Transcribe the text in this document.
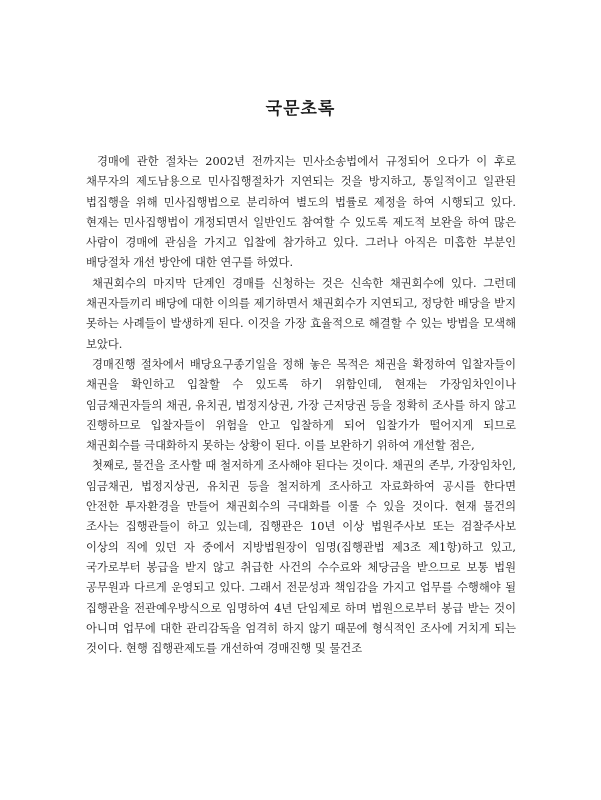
국문초록

경매에 관한 절차는 2002년 전까지는 민사소송법에서 규정되어 오다가 이 후로 채무자의 제도남용으로 민사집행절차가 지연되는 것을 방지하고, 통일적이고 일관된 법집행을 위해 민사집행법으로 분리하여 별도의 법률로 제정을 하여 시행되고 있다. 현재는 민사집행법이 개정되면서 일반인도 참여할 수 있도록 제도적 보완을 하여 많은 사람이 경매에 관심을 가지고 입찰에 참가하고 있다. 그러나 아직은 미흡한 부분인 배당절차 개선 방안에 대한 연구를 하였다.

채권회수의 마지막 단계인 경매를 신청하는 것은 신속한 채권회수에 있다. 그런데 채권자들끼리 배당에 대한 이의를 제기하면서 채권회수가 지연되고, 정당한 배당을 받지 못하는 사례들이 발생하게 된다. 이것을 가장 효율적으로 해결할 수 있는 방법을 모색해 보았다.

경매진행 절차에서 배당요구종기일을 정해 놓은 목적은 채권을 확정하여 입찰자들이 채권을 확인하고 입찰할 수 있도록 하기 위함인데, 현재는 가장임차인이나 임금채권자들의 채권, 유치권, 법정지상권, 가장 근저당권 등을 정확히 조사를 하지 않고 진행하므로 입찰자들이 위험을 안고 입찰하게 되어 입찰가가 떨어지게 되므로 채권회수를 극대화하지 못하는 상황이 된다. 이를 보완하기 위하여 개선할 점은,

첫째로, 물건을 조사할 때 철저하게 조사해야 된다는 것이다. 채권의 존부, 가장임차인, 임금채권, 법정지상권, 유치권 등을 철저하게 조사하고 자료화하여 공시를 한다면 안전한 투자환경을 만들어 채권회수의 극대화를 이룰 수 있을 것이다. 현재 물건의 조사는 집행관들이 하고 있는데, 집행관은 10년 이상 법원주사보 또는 검찰주사보 이상의 직에 있던 자 중에서 지방법원장이 임명(집행관법 제3조 제1항)하고 있고, 국가로부터 봉급을 받지 않고 취급한 사건의 수수료와 체당금을 받으므로 보통 법원 공무원과 다르게 운영되고 있다. 그래서 전문성과 책임감을 가지고 업무를 수행해야 될 집행관을 전관예우방식으로 임명하여 4년 단임제로 하며 법원으로부터 봉급 받는 것이 아니며 업무에 대한 관리감독을 엄격히 하지 않기 때문에 형식적인 조사에 거치게 되는 것이다. 현행 집행관제도를 개선하여 경매진행 및 물건조
